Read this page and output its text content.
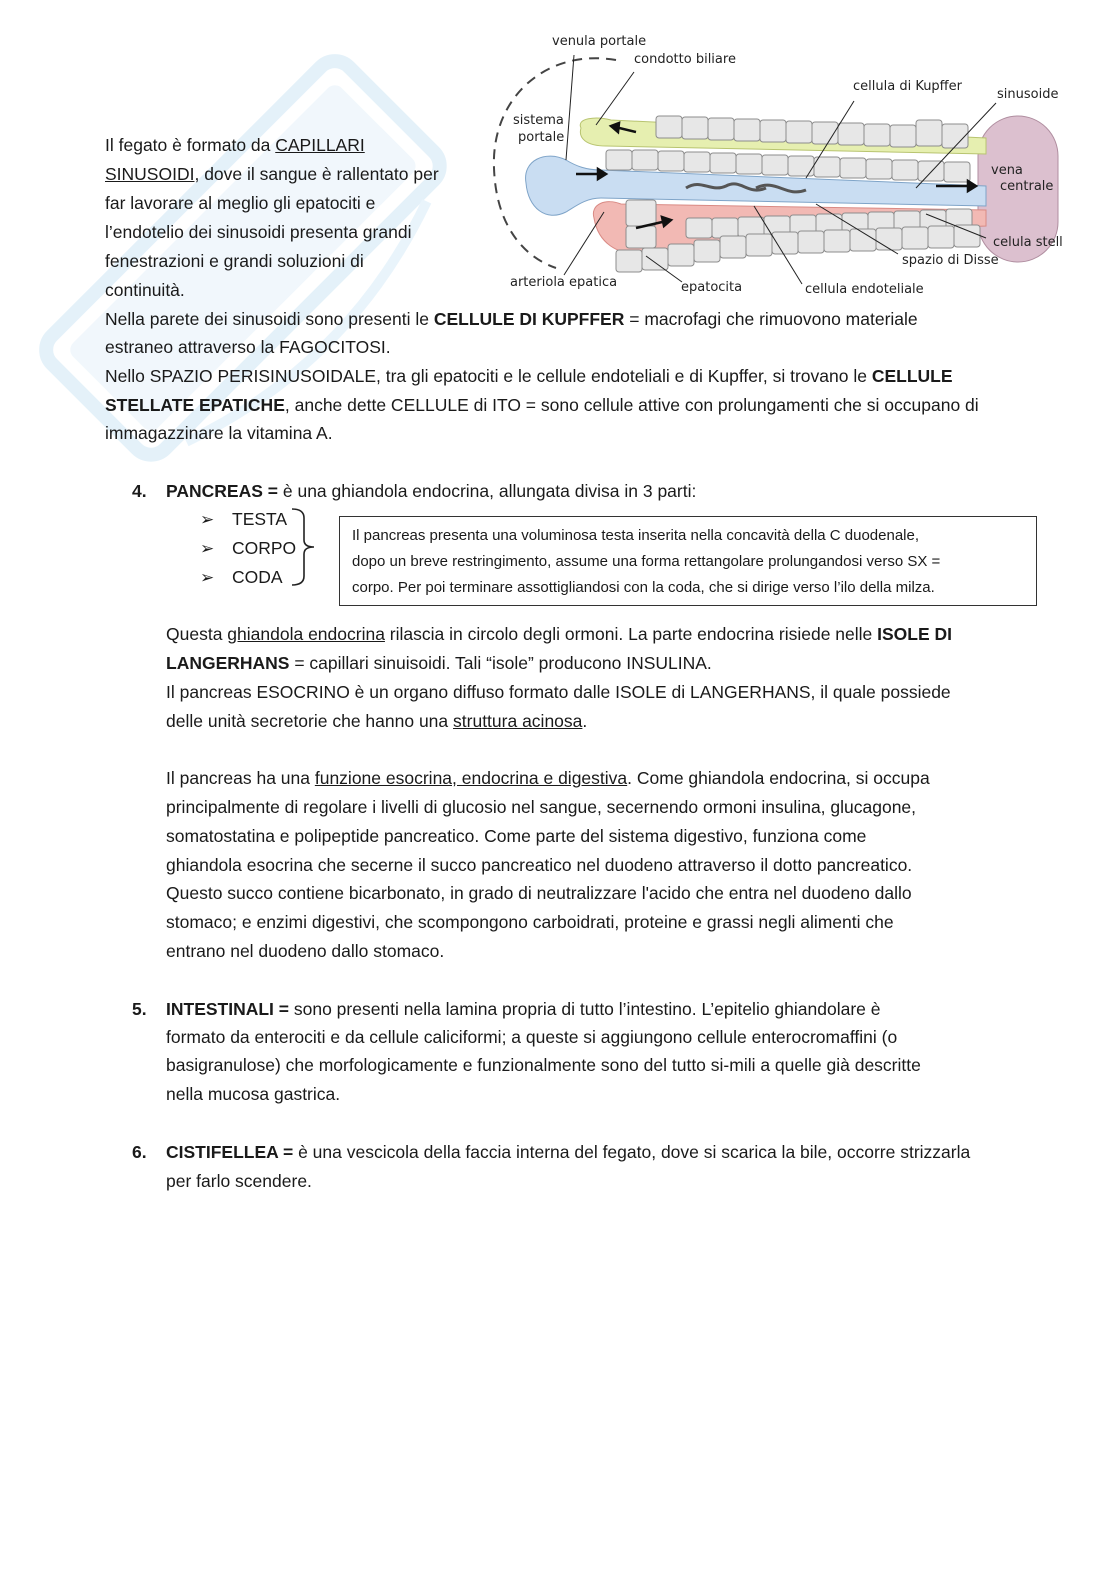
venula portale
condotto biliare
cellula di Kupffer
sinusoide
sistema
portale
vena
centrale
celula stell
spazio di Disse
arteriola epatica	epatocita	cellula endoteliale
Il fegato è formato da CAPILLARI
SINUSOIDI, dove il sangue è rallentato per
far lavorare al meglio gli epatociti e
l’endotelio dei sinusoidi presenta grandi
fenestrazioni e grandi soluzioni di
continuità.
Nella parete dei sinusoidi sono presenti le CELLULE DI KUPFFER = macrofagi che rimuovono materiale
estraneo attraverso la FAGOCITOSI.
Nello SPAZIO PERISINUSOIDALE, tra gli epatociti e le cellule endoteliali e di Kupffer, si trovano le CELLULE
STELLATE EPATICHE, anche dette CELLULE di ITO = sono cellule attive con prolungamenti che si occupano di
immagazzinare la vitamina A.
4. PANCREAS = è una ghiandola endocrina, allungata divisa in 3 parti:
➢ TESTA
➢ CORPO
➢ CODA
Il pancreas presenta una voluminosa testa inserita nella concavità della C duodenale,
dopo un breve restringimento, assume una forma rettangolare prolungandosi verso SX =
corpo. Per poi terminare assottigliandosi con la coda, che si dirige verso l’ilo della milza.
Questa ghiandola endocrina rilascia in circolo degli ormoni. La parte endocrina risiede nelle ISOLE DI
LANGERHANS = capillari sinuisoidi. Tali “isole” producono INSULINA.
Il pancreas ESOCRINO è un organo diffuso formato dalle ISOLE di LANGERHANS, il quale possiede
delle unità secretorie che hanno una struttura acinosa.
Il pancreas ha una funzione esocrina, endocrina e digestiva. Come ghiandola endocrina, si occupa
principalmente di regolare i livelli di glucosio nel sangue, secernendo ormoni insulina, glucagone,
somatostatina e polipeptide pancreatico. Come parte del sistema digestivo, funziona come
ghiandola esocrina che secerne il succo pancreatico nel duodeno attraverso il dotto pancreatico.
Questo succo contiene bicarbonato, in grado di neutralizzare l'acido che entra nel duodeno dallo
stomaco; e enzimi digestivi, che scompongono carboidrati, proteine e grassi negli alimenti che
entrano nel duodeno dallo stomaco.
5. INTESTINALI = sono presenti nella lamina propria di tutto l’intestino. L’epitelio ghiandolare è
formato da enterociti e da cellule caliciformi; a queste si aggiungono cellule enterocromaffini (o
basigranulose) che morfologicamente e funzionalmente sono del tutto si-mili a quelle già descritte
nella mucosa gastrica.
6. CISTIFELLEA = è una vescicola della faccia interna del fegato, dove si scarica la bile, occorre strizzarla
per farlo scendere.
